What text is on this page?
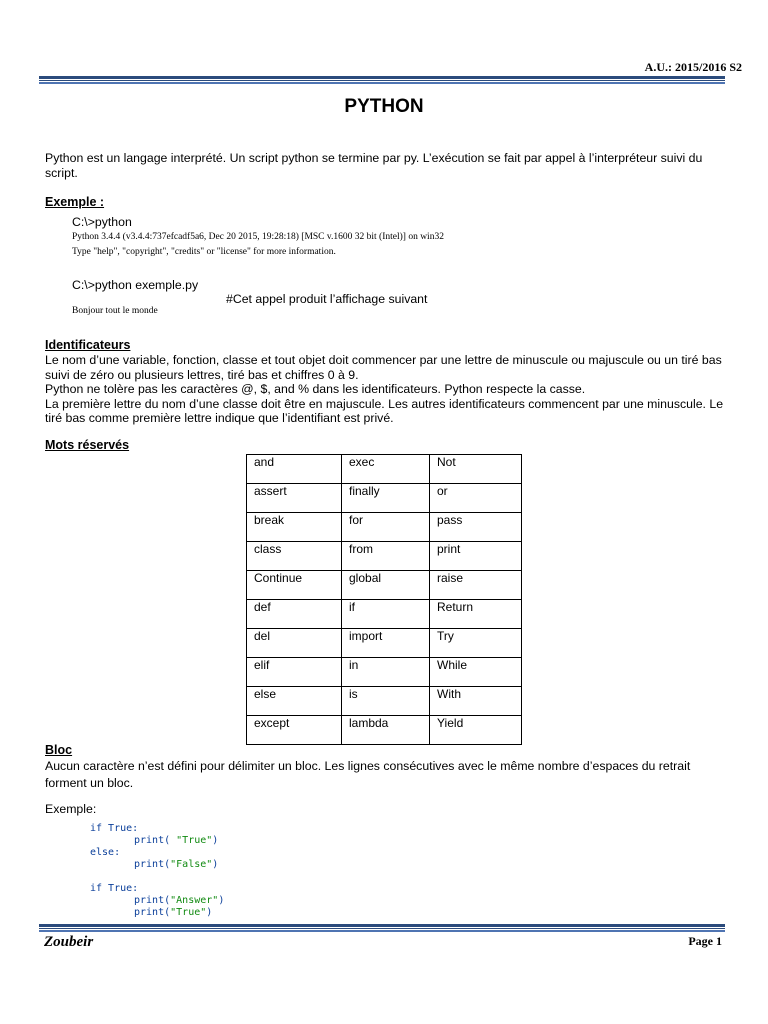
A.U.: 2015/2016 S2
PYTHON
Python est un langage interprété. Un script python se termine par py. L’exécution se fait par appel à l’interpréteur suivi du script.
Exemple :
C:\>python
Python 3.4.4 (v3.4.4:737efcadf5a6, Dec 20 2015, 19:28:18) [MSC v.1600 32 bit (Intel)] on win32
Type "help", "copyright", "credits" or "license" for more information.
C:\>python exemple.py
#Cet appel produit l’affichage suivant
Bonjour tout le monde
Identificateurs
Le nom d’une variable, fonction, classe et tout objet doit commencer par une lettre de minuscule ou majuscule ou un tiré bas suivi de zéro ou plusieurs lettres, tiré bas et chiffres 0 à 9.
Python ne tolère pas les caractères @, $, and % dans les identificateurs. Python respecte la casse.
La première lettre du nom d’une classe doit être en majuscule. Les autres identificateurs commencent par une minuscule. Le tiré bas comme première lettre indique que l’identifiant est privé.
Mots réservés
and	exec	Not
assert	finally	or
break	for	pass
class	from	print
Continue	global	raise
def	if	Return
del	import	Try
elif	in	While
else	is	With
except	lambda	Yield
Bloc
Aucun caractère n’est défini pour délimiter un bloc. Les lignes consécutives avec le même nombre d’espaces du retrait forment un bloc.
Exemple:
if True:
print( "True")
else:
print("False")
if True:
print("Answer")
print("True")
Zoubeir	Page 1
